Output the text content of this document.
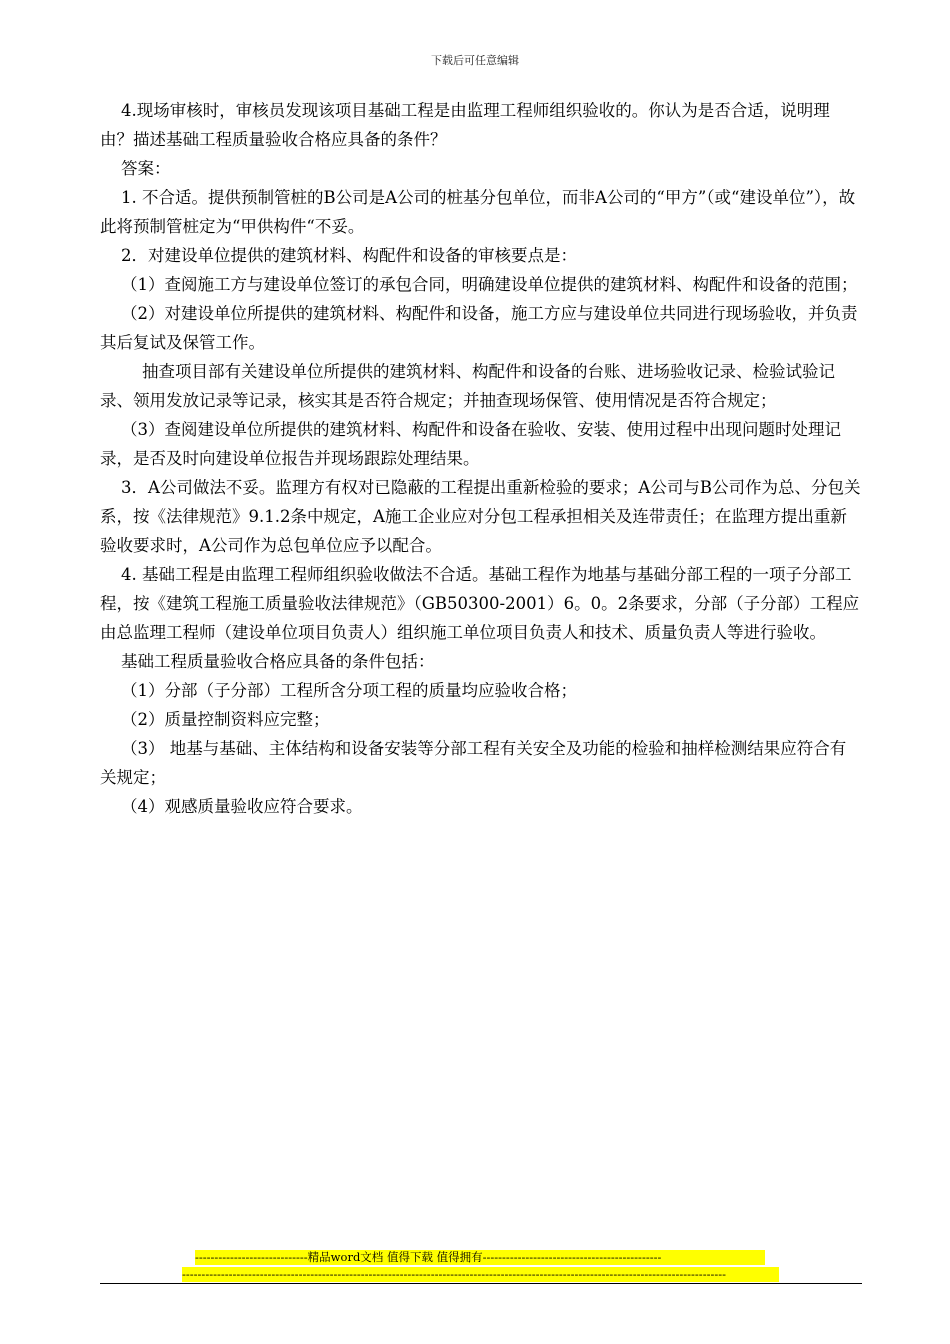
下载后可任意编辑

4.现场审核时，审核员发现该项目基础工程是由监理工程师组织验收的。你认为是否合适，说明理由？描述基础工程质量验收合格应具备的条件？

答案：

1. 不合适。提供预制管桩的B公司是A公司的桩基分包单位，而非A公司的“甲方”（或“建设单位”），故此将预制管桩定为“甲供构件“不妥。

2．对建设单位提供的建筑材料、构配件和设备的审核要点是：

（1）查阅施工方与建设单位签订的承包合同，明确建设单位提供的建筑材料、构配件和设备的范围；

（2）对建设单位所提供的建筑材料、构配件和设备，施工方应与建设单位共同进行现场验收，并负责其后复试及保管工作。

抽查项目部有关建设单位所提供的建筑材料、构配件和设备的台账、进场验收记录、检验试验记录、领用发放记录等记录，核实其是否符合规定；并抽查现场保管、使用情况是否符合规定；

（3）查阅建设单位所提供的建筑材料、构配件和设备在验收、安装、使用过程中出现问题时处理记录，是否及时向建设单位报告并现场跟踪处理结果。

3．A公司做法不妥。监理方有权对已隐蔽的工程提出重新检验的要求；A公司与B公司作为总、分包关系，按《法律规范》9.1.2条中规定，A施工企业应对分包工程承担相关及连带责任；在监理方提出重新验收要求时，A公司作为总包单位应予以配合。

4. 基础工程是由监理工程师组织验收做法不合适。基础工程作为地基与基础分部工程的一项子分部工程，按《建筑工程施工质量验收法律规范》（GB50300-2001）6。0。2条要求，分部（子分部）工程应由总监理工程师（建设单位项目负责人）组织施工单位项目负责人和技术、质量负责人等进行验收。

基础工程质量验收合格应具备的条件包括：

（1）分部（子分部）工程所含分项工程的质量均应验收合格；

（2）质量控制资料应完整；

（3） 地基与基础、主体结构和设备安装等分部工程有关安全及功能的检验和抽样检测结果应符合有关规定；

（4）观感质量验收应符合要求。

-----------------------------精品word文档 值得下载 值得拥有----------------------------------------------
--------------------------------------------------------------------------------------------------------------------------------------------
